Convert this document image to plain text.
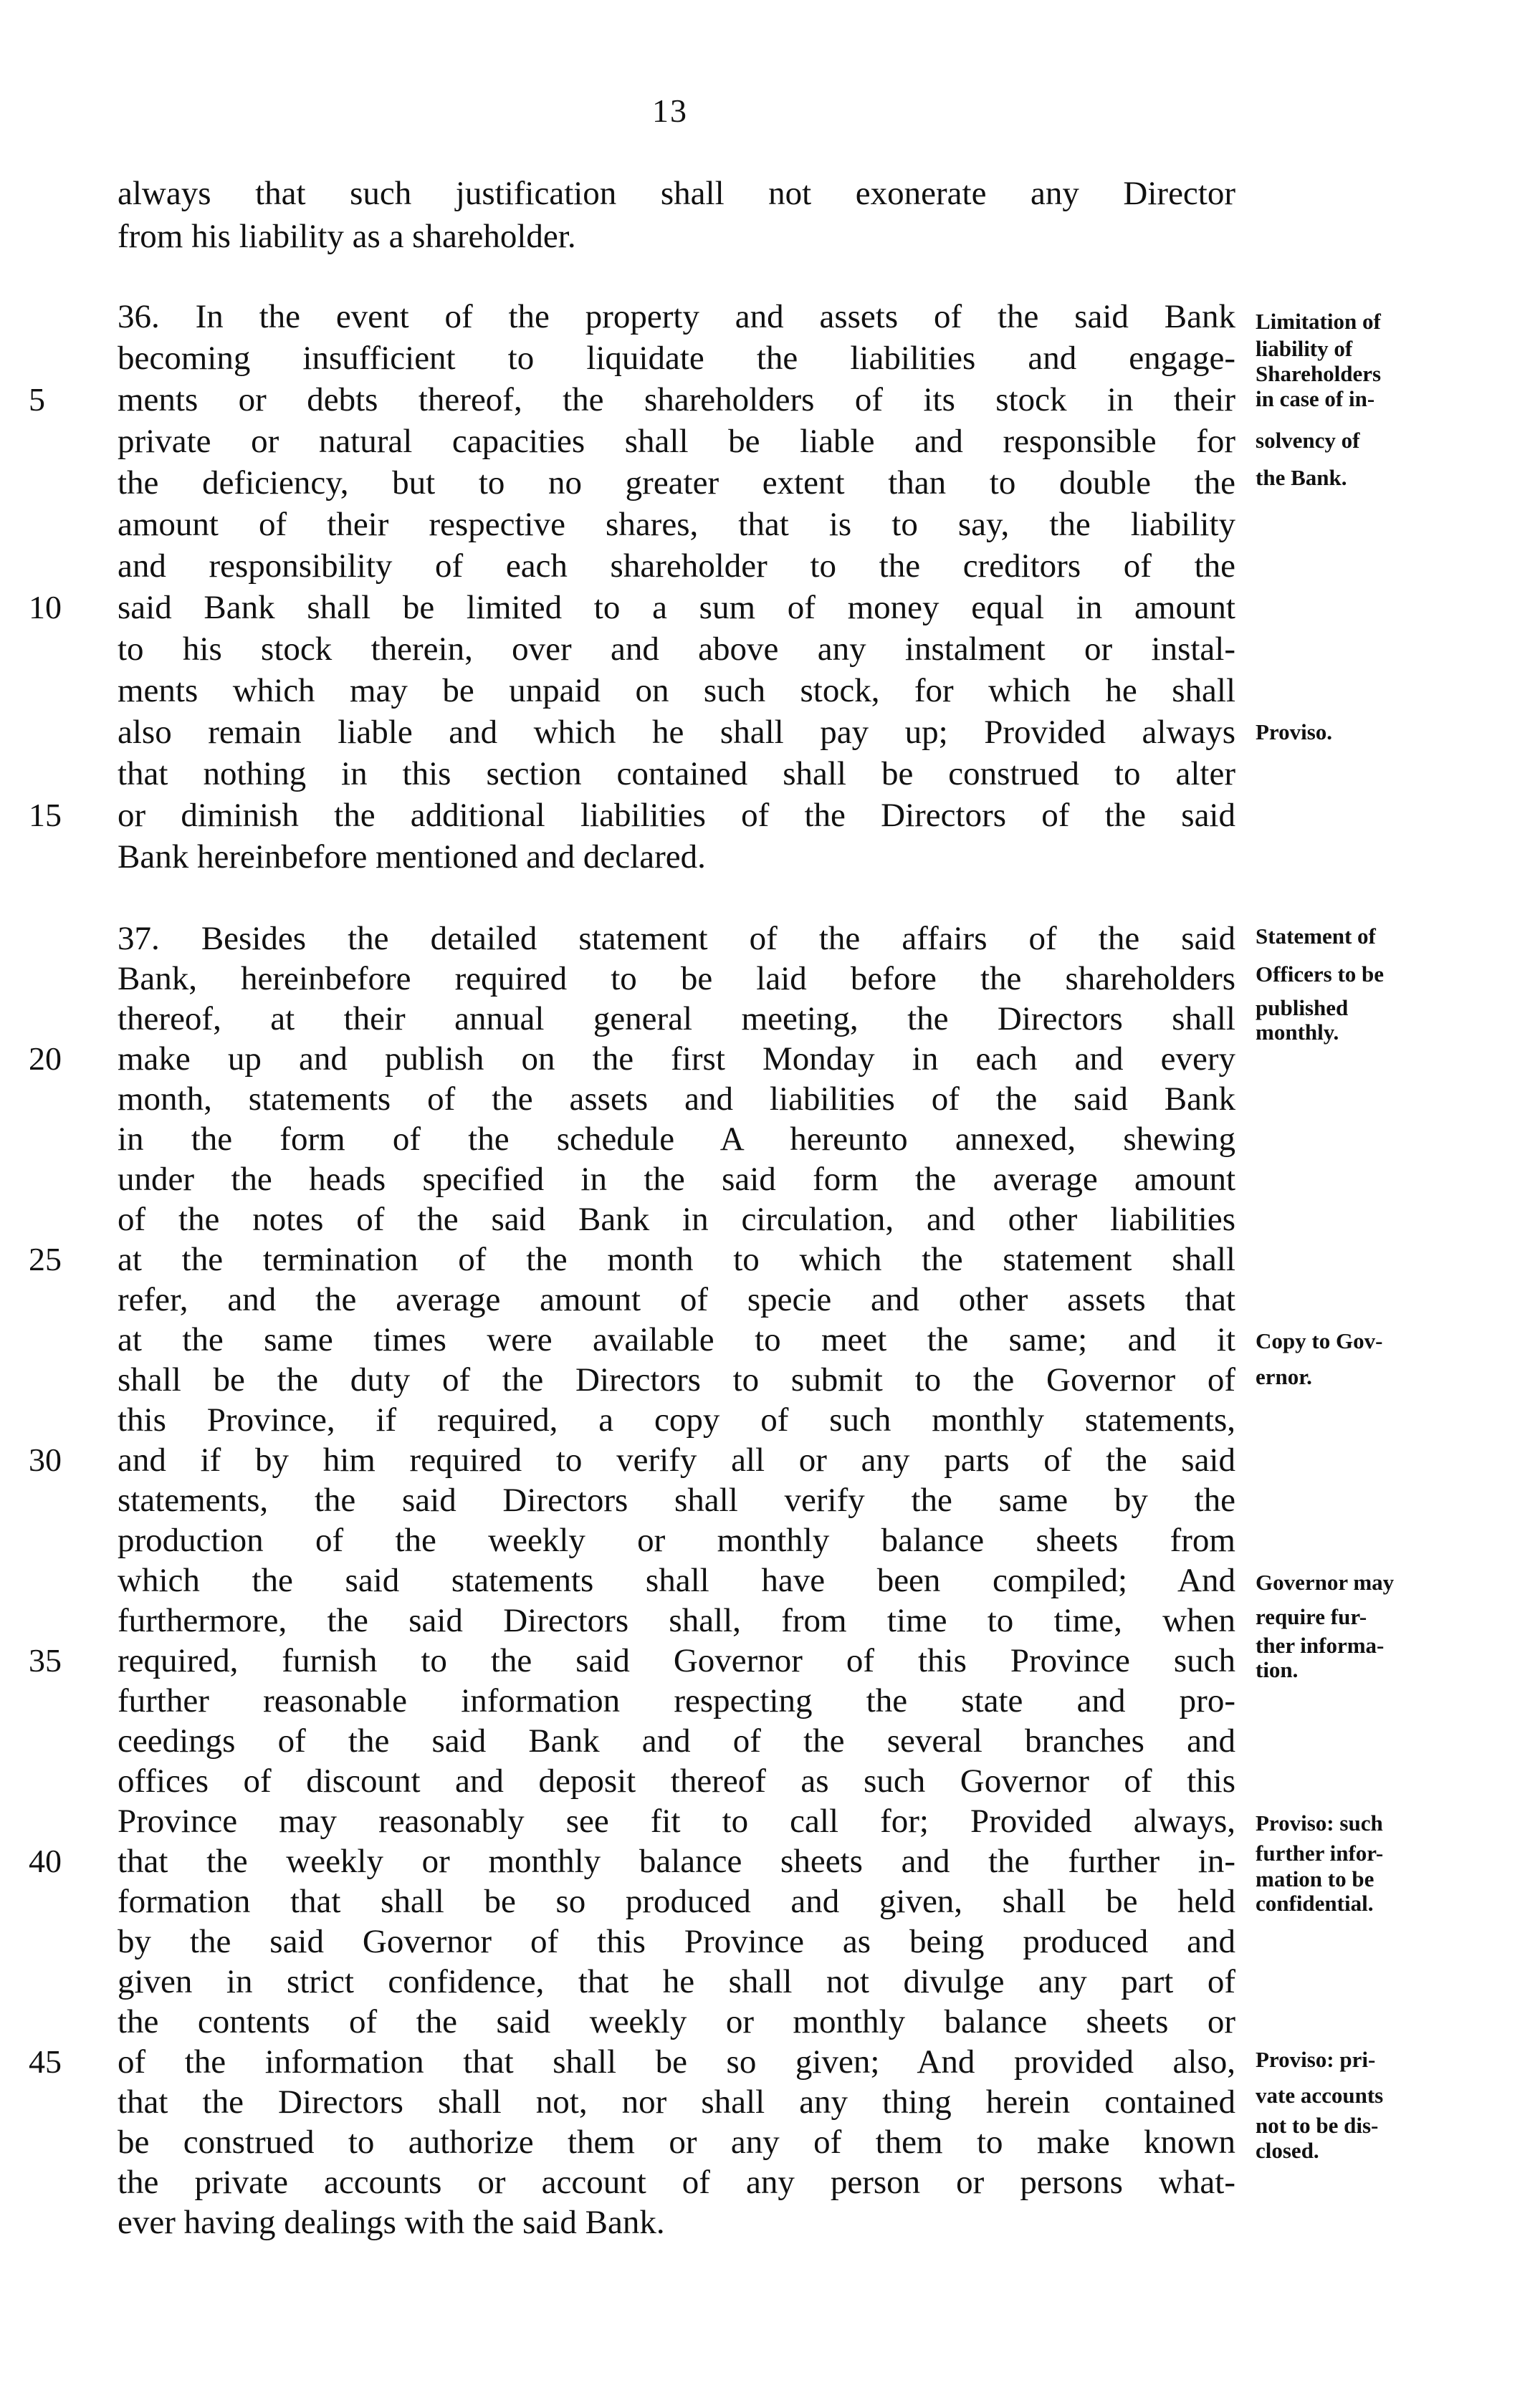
13
always that such justification shall not exonerate any Director
from his liability as a shareholder.
36. In the event of the property and assets of the said Bank
becoming insufficient to liquidate the liabilities and engage-
ments or debts thereof, the shareholders of its stock in their
private or natural capacities shall be liable and responsible for
the deficiency, but to no greater extent than to double the
amount of their respective shares, that is to say, the liability
and responsibility of each shareholder to the creditors of the
said Bank shall be limited to a sum of money equal in amount
to his stock therein, over and above any instalment or instal-
ments which may be unpaid on such stock, for which he shall
also remain liable and which he shall pay up; Provided always
that nothing in this section contained shall be construed to alter
or diminish the additional liabilities of the Directors of the said
Bank hereinbefore mentioned and declared.
37. Besides the detailed statement of the affairs of the said
Bank, hereinbefore required to be laid before the shareholders
thereof, at their annual general meeting, the Directors shall
make up and publish on the first Monday in each and every
month, statements of the assets and liabilities of the said Bank
in the form of the schedule A hereunto annexed, shewing
under the heads specified in the said form the average amount
of the notes of the said Bank in circulation, and other liabilities
at the termination of the month to which the statement shall
refer, and the average amount of specie and other assets that
at the same times were available to meet the same; and it
shall be the duty of the Directors to submit to the Governor of
this Province, if required, a copy of such monthly statements,
and if by him required to verify all or any parts of the said
statements, the said Directors shall verify the same by the
production of the weekly or monthly balance sheets from
which the said statements shall have been compiled; And
furthermore, the said Directors shall, from time to time, when
required, furnish to the said Governor of this Province such
further reasonable information respecting the state and pro-
ceedings of the said Bank and of the several branches and
offices of discount and deposit thereof as such Governor of this
Province may reasonably see fit to call for; Provided always,
that the weekly or monthly balance sheets and the further in-
formation that shall be so produced and given, shall be held
by the said Governor of this Province as being produced and
given in strict confidence, that he shall not divulge any part of
the contents of the said weekly or monthly balance sheets or
of the information that shall be so given; And provided also,
that the Directors shall not, nor shall any thing herein contained
be construed to authorize them or any of them to make known
the private accounts or account of any person or persons what-
ever having dealings with the said Bank.
5
10
15
20
25
30
35
40
45
Limitation of
liability of
Shareholders
in case of in-
solvency of
the Bank.
Proviso.
Statement of
Officers to be
published
monthly.
Copy to Gov-
ernor.
Governor may
require fur-
ther informa-
tion.
Proviso: such
further infor-
mation to be
confidential.
Proviso: pri-
vate accounts
not to be dis-
closed.
